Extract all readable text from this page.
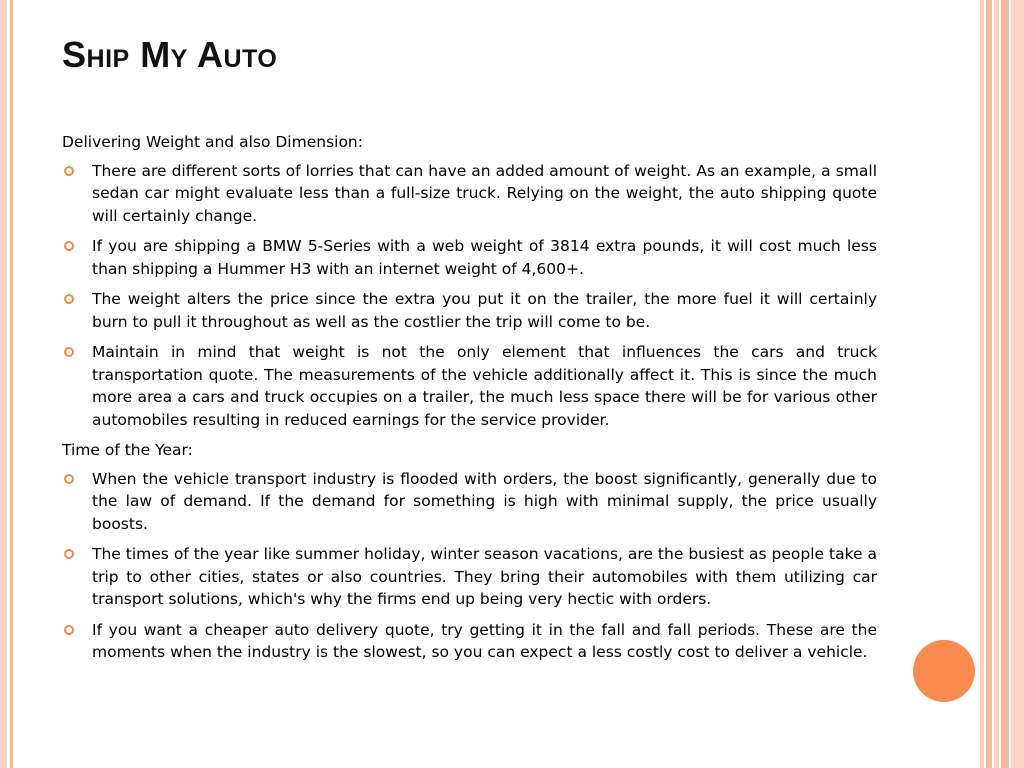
Ship My Auto

Delivering Weight and also Dimension:

There are different sorts of lorries that can have an added amount of weight. As an example, a small sedan car might evaluate less than a full-size truck. Relying on the weight, the auto shipping quote will certainly change.
If you are shipping a BMW 5-Series with a web weight of 3814 extra pounds, it will cost much less than shipping a Hummer H3 with an internet weight of 4,600+.
The weight alters the price since the extra you put it on the trailer, the more fuel it will certainly burn to pull it throughout as well as the costlier the trip will come to be.
Maintain in mind that weight is not the only element that influences the cars and truck transportation quote. The measurements of the vehicle additionally affect it. This is since the much more area a cars and truck occupies on a trailer, the much less space there will be for various other automobiles resulting in reduced earnings for the service provider.

Time of the Year:

When the vehicle transport industry is flooded with orders, the boost significantly, generally due to the law of demand. If the demand for something is high with minimal supply, the price usually boosts.
The times of the year like summer holiday, winter season vacations, are the busiest as people take a trip to other cities, states or also countries. They bring their automobiles with them utilizing car transport solutions, which's why the firms end up being very hectic with orders.
If you want a cheaper auto delivery quote, try getting it in the fall and fall periods. These are the moments when the industry is the slowest, so you can expect a less costly cost to deliver a vehicle.
